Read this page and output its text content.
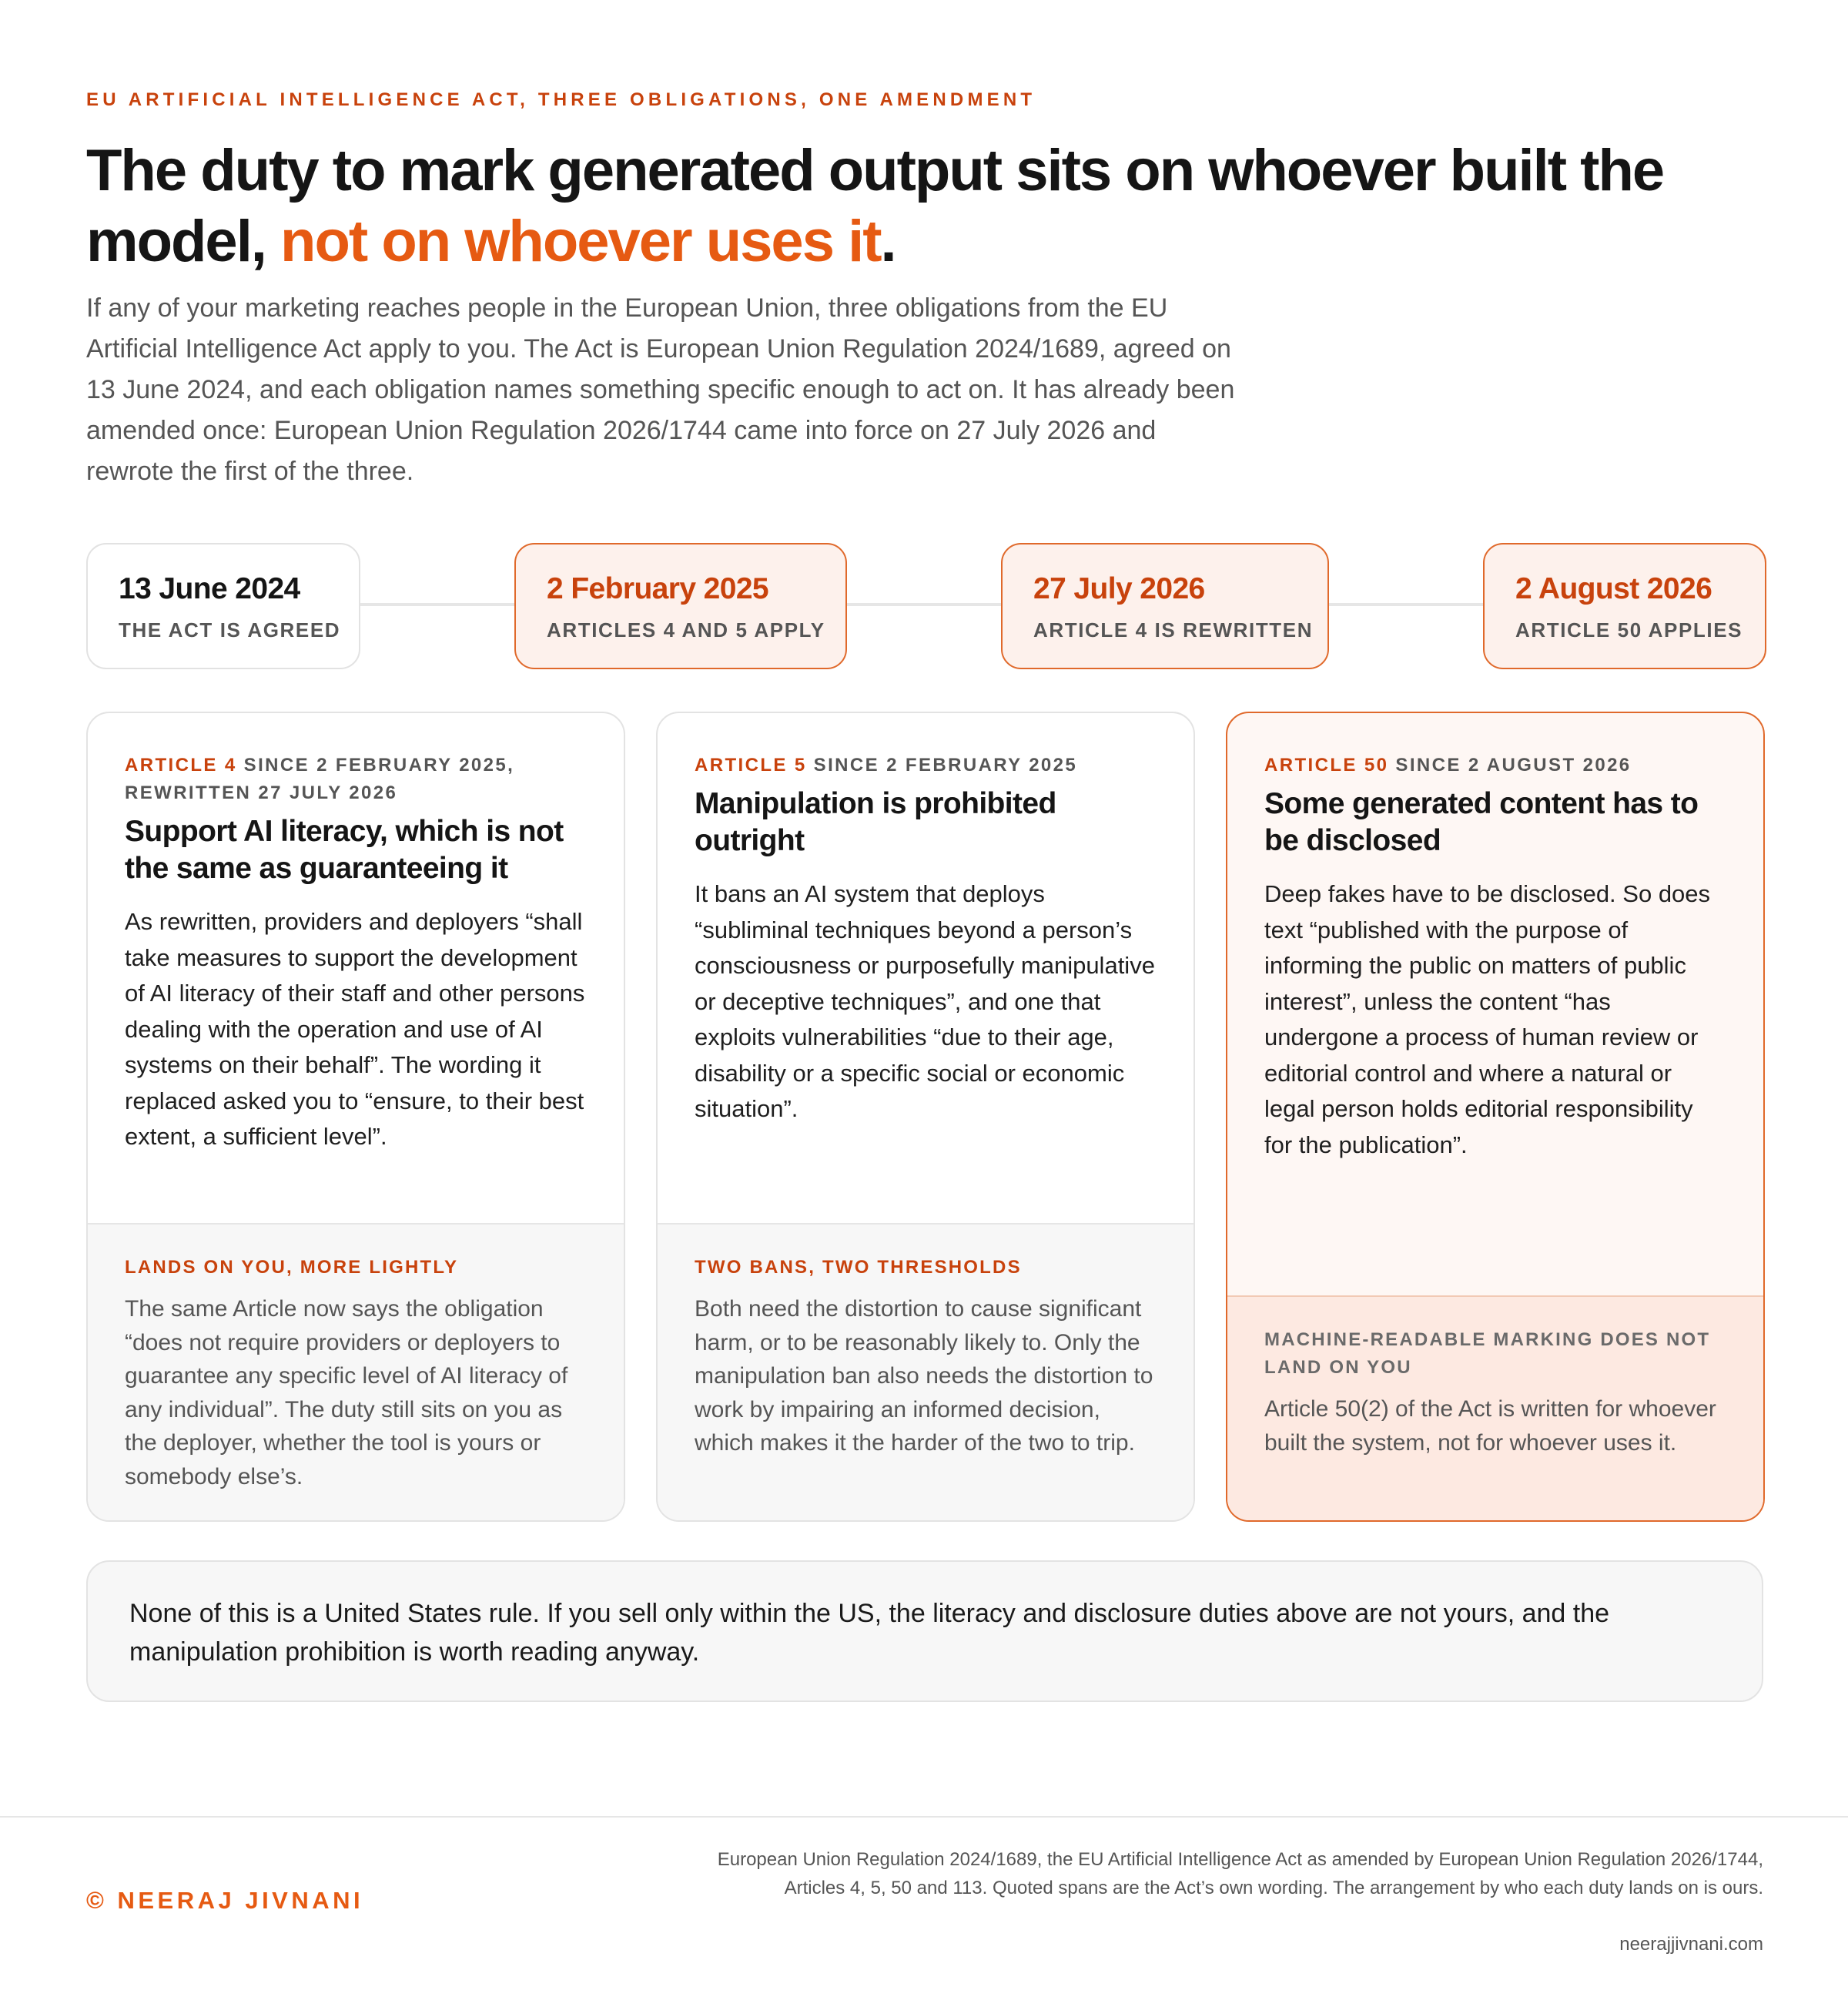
EU ARTIFICIAL INTELLIGENCE ACT, THREE OBLIGATIONS, ONE AMENDMENT
The duty to mark generated output sits on whoever built the model, not on whoever uses it.

If any of your marketing reaches people in the European Union, three obligations from the EU Artificial Intelligence Act apply to you. The Act is European Union Regulation 2024/1689, agreed on 13 June 2024, and each obligation names something specific enough to act on. It has already been amended once: European Union Regulation 2026/1744 came into force on 27 July 2026 and rewrote the first of the three.

13 June 2024
THE ACT IS AGREED
2 February 2025
ARTICLES 4 AND 5 APPLY
27 July 2026
ARTICLE 4 IS REWRITTEN
2 August 2026
ARTICLE 50 APPLIES
ARTICLE 4 SINCE 2 FEBRUARY 2025, REWRITTEN 27 JULY 2026
Support AI literacy, which is not the same as guaranteeing it

As rewritten, providers and deployers “shall take measures to support the development of AI literacy of their staff and other persons dealing with the operation and use of AI systems on their behalf”. The wording it replaced asked you to “ensure, to their best extent, a sufficient level”.

LANDS ON YOU, MORE LIGHTLY

The same Article now says the obligation “does not require providers or deployers to guarantee any specific level of AI literacy of any individual”. The duty still sits on you as the deployer, whether the tool is yours or somebody else’s.

ARTICLE 5 SINCE 2 FEBRUARY 2025
Manipulation is prohibited outright

It bans an AI system that deploys “subliminal techniques beyond a person’s consciousness or purposefully manipulative or deceptive techniques”, and one that exploits vulnerabilities “due to their age, disability or a specific social or economic situation”.

TWO BANS, TWO THRESHOLDS

Both need the distortion to cause significant harm, or to be reasonably likely to. Only the manipulation ban also needs the distortion to work by impairing an informed decision, which makes it the harder of the two to trip.

ARTICLE 50 SINCE 2 AUGUST 2026
Some generated content has to be disclosed

Deep fakes have to be disclosed. So does text “published with the purpose of informing the public on matters of public interest”, unless the content “has undergone a process of human review or editorial control and where a natural or legal person holds editorial responsibility for the publication”.

MACHINE-READABLE MARKING DOES NOT LAND ON YOU

Article 50(2) of the Act is written for whoever built the system, not for whoever uses it.

None of this is a United States rule. If you sell only within the US, the literacy and disclosure duties above are not yours, and the manipulation prohibition is worth reading anyway.
© NEERAJ JIVNANI

European Union Regulation 2024/1689, the EU Artificial Intelligence Act as amended by European Union Regulation 2026/1744, Articles 4, 5, 50 and 113. Quoted spans are the Act’s own wording. The arrangement by who each duty lands on is ours.

neerajjivnani.com
